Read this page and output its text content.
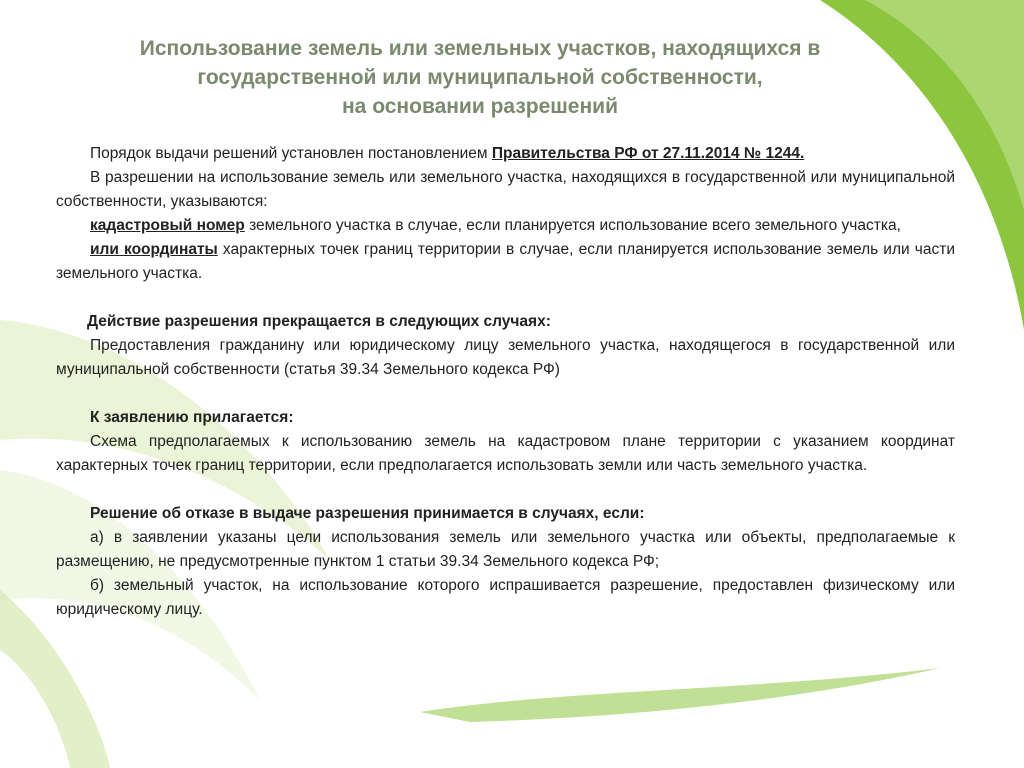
Использование земель или земельных участков, находящихся в
государственной или муниципальной собственности,
на основании разрешений

Порядок выдачи решений установлен постановлением Правительства РФ от 27.11.2014 № 1244.

В разрешении на использование земель или земельного участка, находящихся в государственной или муниципальной собственности, указываются:

кадастровый номер земельного участка в случае, если планируется использование всего земельного участка,

или координаты характерных точек границ территории в случае, если планируется использование земель или части земельного участка.

Действие разрешения прекращается в следующих случаях:

Предоставления гражданину или юридическому лицу земельного участка, находящегося в государственной или муниципальной собственности (статья 39.34 Земельного кодекса РФ)

К заявлению прилагается:

Схема предполагаемых к использованию земель на кадастровом плане территории с указанием координат характерных точек границ территории, если предполагается использовать земли или часть земельного участка.

Решение об отказе в выдаче разрешения принимается в случаях, если:

а) в заявлении указаны цели использования земель или земельного участка или объекты, предполагаемые к размещению, не предусмотренные пунктом 1 статьи 39.34 Земельного кодекса РФ;

б) земельный участок, на использование которого испрашивается разрешение, предоставлен физическому или юридическому лицу.
